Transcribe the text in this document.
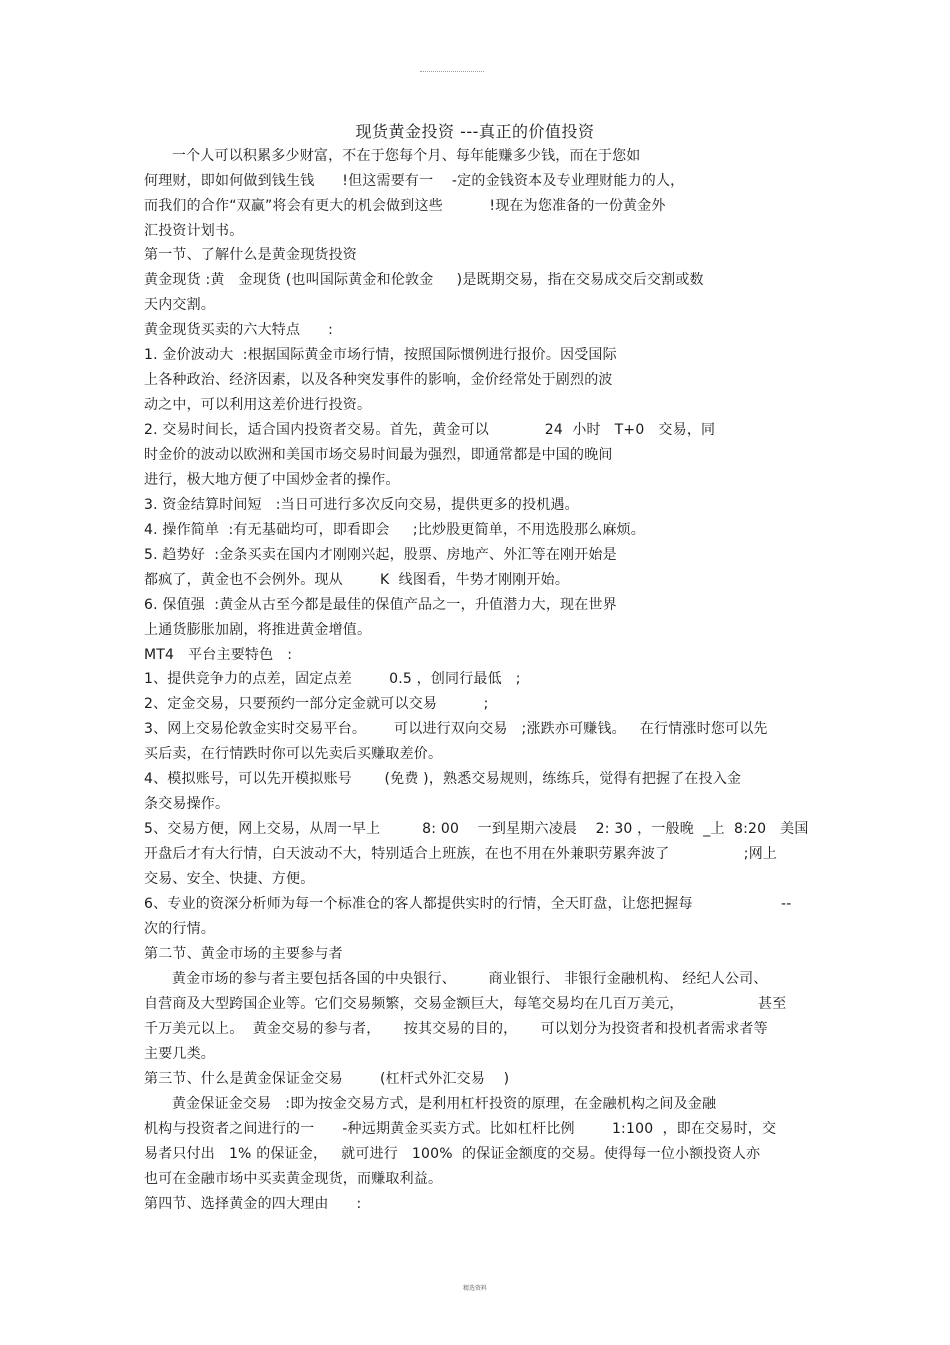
现货黄金投资 ---真正的价值投资
一个人可以积累多少财富，不在于您每个月、每年能赚多少钱，而在于您如
何理财，即如何做到钱生钱      !但这需要有一    -定的金钱资本及专业理财能力的人，
而我们的合作“双赢”将会有更大的机会做到这些          !现在为您准备的一份黄金外
汇投资计划书。
第一节、了解什么是黄金现货投资
黄金现货 :黄   金现货 (也叫国际黄金和伦敦金     )是既期交易，指在交易成交后交割或数
天内交割。
黄金现货买卖的六大特点      :
1. 金价波动大  :根据国际黄金市场行情，按照国际惯例进行报价。因受国际
上各种政治、经济因素，以及各种突发事件的影响，金价经常处于剧烈的波
动之中，可以利用这差价进行投资。
2. 交易时间长，适合国内投资者交易。首先，黄金可以            24  小时   T+0   交易，同
时金价的波动以欧洲和美国市场交易时间最为强烈，即通常都是中国的晚间
进行，极大地方便了中国炒金者的操作。
3. 资金结算时间短   :当日可进行多次反向交易，提供更多的投机遇。
4. 操作简单  :有无基础均可，即看即会     ;比炒股更简单，不用选股那么麻烦。
5. 趋势好  :金条买卖在国内才刚刚兴起，股票、房地产、外汇等在刚开始是
都疯了，黄金也不会例外。现从        K  线图看，牛势才刚刚开始。
6. 保值强  :黄金从古至今都是最佳的保值产品之一，升值潜力大，现在世界
上通货膨胀加剧，将推进黄金增值。
MT4   平台主要特色   :
1、提供竞争力的点差，固定点差        0.5 ，创同行最低   ;
2、定金交易，只要预约一部分定金就可以交易          ;
3、网上交易伦敦金实时交易平台。      可以进行双向交易   ;涨跌亦可赚钱。   在行情涨时您可以先
买后卖，在行情跌时你可以先卖后买赚取差价。
4、模拟账号，可以先开模拟账号       (免费 )，熟悉交易规则，练练兵，觉得有把握了在投入金
条交易操作。
5、交易方便，网上交易，从周一早上         8: 00    一到星期六凌晨    2: 30 ，一般晚  _上  8:20   美国
开盘后才有大行情，白天波动不大，特别适合上班族，在也不用在外兼职劳累奔波了                ;网上
交易、安全、快捷、方便。
6、专业的资深分析师为每一个标准仓的客人都提供实时的行情，全天盯盘，让您把握每                   --
次的行情。
第二节、黄金市场的主要参与者
黄金市场的参与者主要包括各国的中央银行、       商业银行、 非银行金融机构、 经纪人公司、
自营商及大型跨国企业等。它们交易频繁，交易金额巨大，每笔交易均在几百万美元，                甚至
千万美元以上。  黄金交易的参与者，     按其交易的目的，     可以划分为投资者和投机者需求者等
主要几类。
第三节、什么是黄金保证金交易        (杠杆式外汇交易    )
黄金保证金交易   :即为按金交易方式，是利用杠杆投资的原理，在金融机构之间及金融
机构与投资者之间进行的一      -种远期黄金买卖方式。比如杠杆比例        1:100  ，即在交易时，交
易者只付出   1% 的保证金，   就可进行   100%  的保证金额度的交易。使得每一位小额投资人亦
也可在金融市场中买卖黄金现货，而赚取利益。
第四节、选择黄金的四大理由      :
精选资料
